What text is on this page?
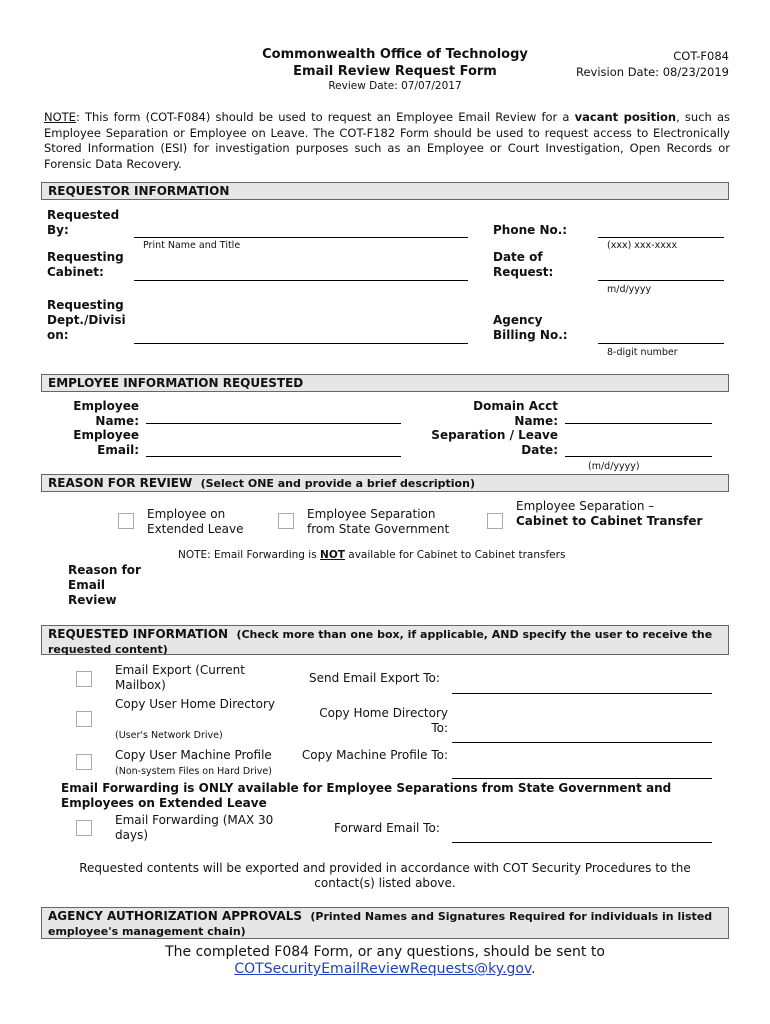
Commonwealth Office of Technology
Email Review Request Form
Review Date: 07/07/2017
COT-F084
Revision Date: 08/23/2019
NOTE: This form (COT-F084) should be used to request an Employee Email Review for a vacant position, such as Employee Separation or Employee on Leave. The COT-F182 Form should be used to request access to Electronically Stored Information (ESI) for investigation purposes such as an Employee or Court Investigation, Open Records or Forensic Data Recovery.
REQUESTOR INFORMATION
Requested By:
Print Name and Title
Requesting Cabinet:
Requesting Dept./Division:
Phone No.:
(xxx) xxx-xxxx
Date of Request:
m/d/yyyy
Agency Billing No.:
8-digit number
EMPLOYEE INFORMATION REQUESTED
Employee Name:
Employee Email:
Domain Acct Name:
Separation / Leave Date:
(m/d/yyyy)
REASON FOR REVIEW (Select ONE and provide a brief description)
Employee on Extended Leave
Employee Separation from State Government
Employee Separation –
Cabinet to Cabinet Transfer
NOTE: Email Forwarding is NOT available for Cabinet to Cabinet transfers
Reason for Email Review
REQUESTED INFORMATION (Check more than one box, if applicable, AND specify the user to receive the requested content)
Email Export (Current Mailbox)	Send Email Export To:
Copy User Home Directory
(User's Network Drive)
Copy Home Directory To:
Copy User Machine Profile
(Non-system Files on Hard Drive)
Copy Machine Profile To:
Email Forwarding is ONLY available for Employee Separations from State Government and Employees on Extended Leave
Email Forwarding (MAX 30 days)	Forward Email To:
Requested contents will be exported and provided in accordance with COT Security Procedures to the contact(s) listed above.
AGENCY AUTHORIZATION APPROVALS (Printed Names and Signatures Required for individuals in listed employee's management chain)
The completed F084 Form, or any questions, should be sent to
COTSecurityEmailReviewRequests@ky.gov.
